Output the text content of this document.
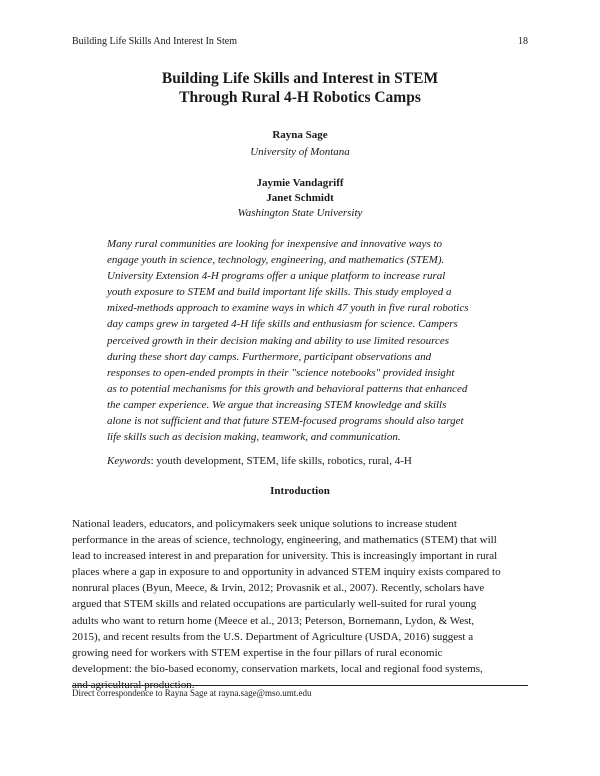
Building Life Skills And Interest In Stem	18
Building Life Skills and Interest in STEM
Through Rural 4-H Robotics Camps
Rayna Sage
University of Montana
Jaymie Vandagriff
Janet Schmidt
Washington State University
Many rural communities are looking for inexpensive and innovative ways to
engage youth in science, technology, engineering, and mathematics (STEM).
University Extension 4-H programs offer a unique platform to increase rural
youth exposure to STEM and build important life skills. This study employed a
mixed-methods approach to examine ways in which 47 youth in five rural robotics
day camps grew in targeted 4-H life skills and enthusiasm for science. Campers
perceived growth in their decision making and ability to use limited resources
during these short day camps. Furthermore, participant observations and
responses to open-ended prompts in their "science notebooks" provided insight
as to potential mechanisms for this growth and behavioral patterns that enhanced
the camper experience. We argue that increasing STEM knowledge and skills
alone is not sufficient and that future STEM-focused programs should also target
life skills such as decision making, teamwork, and communication.
Keywords: youth development, STEM, life skills, robotics, rural, 4-H
Introduction
National leaders, educators, and policymakers seek unique solutions to increase student
performance in the areas of science, technology, engineering, and mathematics (STEM) that will
lead to increased interest in and preparation for university. This is increasingly important in rural
places where a gap in exposure to and opportunity in advanced STEM inquiry exists compared to
nonrural places (Byun, Meece, & Irvin, 2012; Provasnik et al., 2007). Recently, scholars have
argued that STEM skills and related occupations are particularly well-suited for rural young
adults who want to return home (Meece et al., 2013; Peterson, Bornemann, Lydon, & West,
2015), and recent results from the U.S. Department of Agriculture (USDA, 2016) suggest a
growing need for workers with STEM expertise in the four pillars of rural economic
development: the bio-based economy, conservation markets, local and regional food systems,
and agricultural production.
Direct correspondence to Rayna Sage at rayna.sage@mso.umt.edu
